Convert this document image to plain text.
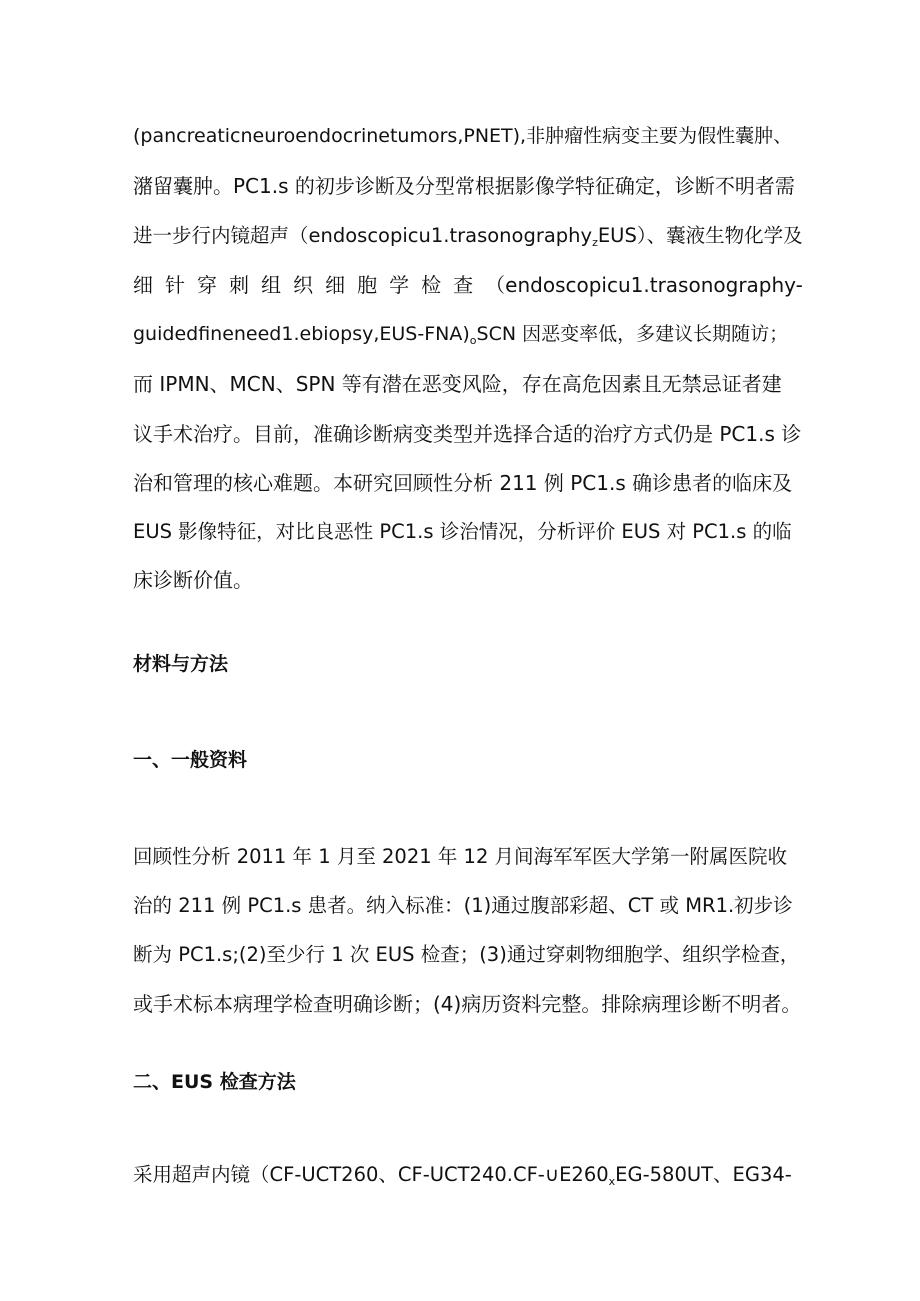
(pancreaticneuroendocrinetumors,PNET),非肿瘤性病变主要为假性囊肿、
潴留囊肿。PC1.s 的初步诊断及分型常根据影像学特征确定，诊断不明者需
进一步行内镜超声（endoscopicu1.trasonography$_z$EUS）、囊液生物化学及
细 针 穿 刺 组 织 细 胞 学 检 查 （endoscopicu1.trasonography-
$guidedfineneed1.ebiopsy,EUS-FNA)_oSCN$ 因恶变率低，多建议长期随访；
而 IPMN、MCN、SPN 等有潜在恶变风险，存在高危因素且无禁忌证者建
议手术治疗。目前，准确诊断病变类型并选择合适的治疗方式仍是 PC1.s 诊
治和管理的核心难题。本研究回顾性分析 211 例 PC1.s 确诊患者的临床及
EUS 影像特征，对比良恶性 PC1.s 诊治情况，分析评价 EUS 对 PC1.s 的临
床诊断价值。
材料与方法
一、一般资料
回顾性分析 2011 年 1 月至 2021 年 12 月间海军军医大学第一附属医院收
治的 211 例 PC1.s 患者。纳入标准：(1)通过腹部彩超、CT 或 MR1.初步诊
断为 PC1.s;(2)至少行 1 次 EUS 检查；(3)通过穿刺物细胞学、组织学检查，
或手术标本病理学检查明确诊断；(4)病历资料完整。排除病理诊断不明者。
二、EUS 检查方法
采用超声内镜（CF-UCT260、$CF-UCT240.CF-\cup E260_xEG-580UT$、EG34-
